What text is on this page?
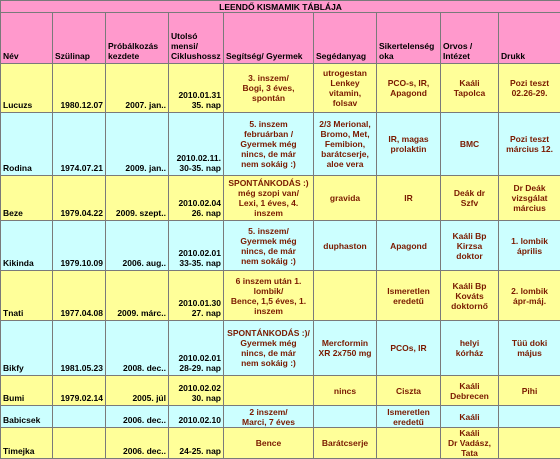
LEENDŐ KISMAMIK TÁBLÁJA								
Név	Szülinap	Próbálkozás kezdete	Utolsó mensi/ Ciklushossz	Segítség/ Gyermek	Segédanyag	Sikertelenség oka	Orvos / Intézet	Drukk
Lucuzs	1980.12.07	2007. jan..	2010.01.31 35. nap	3. inszem/
Bogi, 3 éves,
spontán	utrogestan
Lenkey
vitamin,
folsav	PCO-s, IR,
Apagond	Kaáli
Tapolca	Pozi teszt
02.26-29.
Rodina	1974.07.21	2009. jan..	2010.02.11. 30-35. nap	5. inszem
februárban /
Gyermek még
nincs, de már
nem sokáig :)	2/3 Merional,
Bromo, Met,
Femibion,
barátcserje,
aloe vera	IR, magas
prolaktin	BMC	Pozi teszt
március 12.
Beze	1979.04.22	2009. szept..	2010.02.04 26. nap	SPONTÁNKODÁS :)
még szopi van/
Lexi, 1 éves, 4.
inszem	gravida	IR	Deák dr
Szfv	Dr Deák
vizsgálat
március
Kikinda	1979.10.09	2006. aug..	2010.02.01 33-35. nap	5. inszem/
Gyermek még
nincs, de már
nem sokáig :)	duphaston	Apagond	Kaáli Bp
Kirzsa
doktor	1. lombik
április
Tnati	1977.04.08	2009. márc..	2010.01.30 27. nap	6 inszem után 1.
lombik/
Bence, 1,5 éves, 1.
inszem		Ismeretlen
eredetű	Kaáli Bp
Kováts
doktornő	2. lombik
ápr-máj.
Bikfy	1981.05.23	2008. dec..	2010.02.01 28-29. nap	SPONTÁNKODÁS :)/
Gyermek még
nincs, de már
nem sokáig :)	Mercformin
XR 2x750 mg	PCOs, IR	helyi
kórház	Tüü doki
május
Bumi	1979.02.14	2005. júl	2010.02.02 30. nap		nincs	Ciszta	Kaáli
Debrecen	Pihi
Babicsek		2006. dec..	2010.02.10	2 inszem/
Marci, 7 éves		Ismeretlen
eredetű	Kaáli	
Timejka		2006. dec..	24-25. nap	Bence	Barátcserje		Kaáli
Dr Vadász,
Tata	
